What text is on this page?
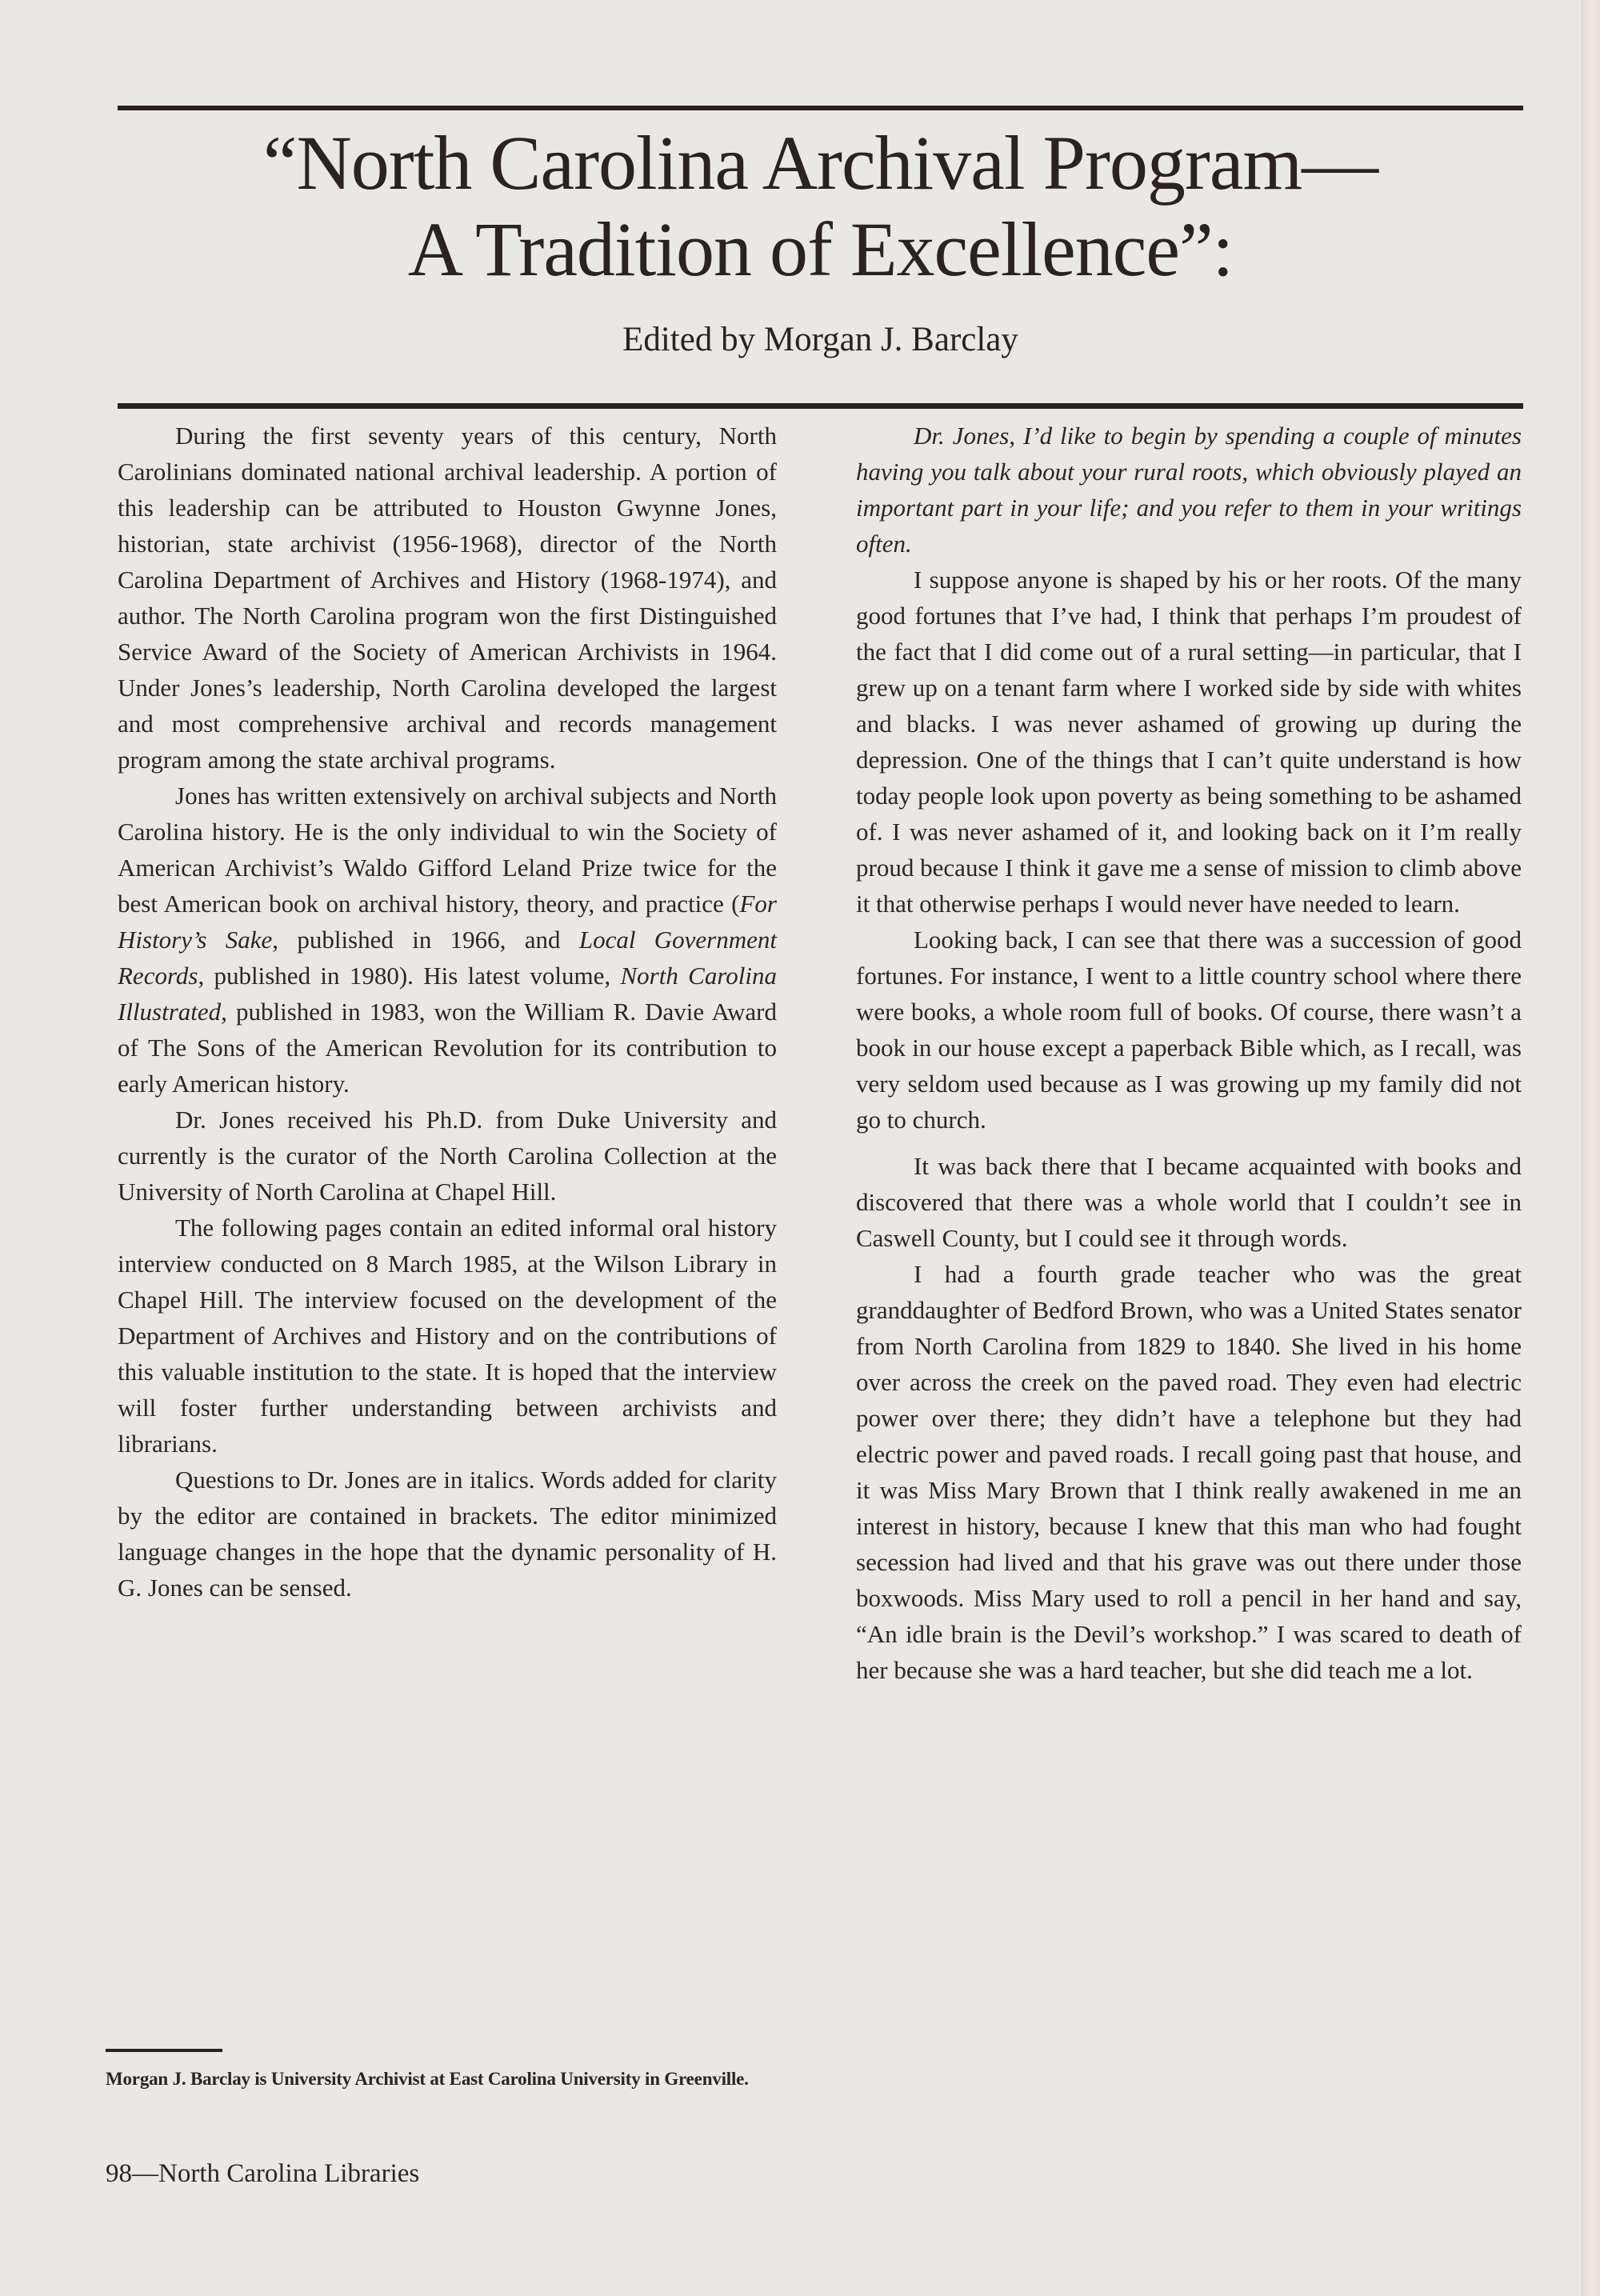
“North Carolina Archival Program—
A Tradition of Excellence”:
Edited by Morgan J. Barclay

During the first seventy years of this century, North Carolinians dominated national archival leadership. A portion of this leadership can be attributed to Houston Gwynne Jones, historian, state archivist (1956-1968), director of the North Carolina Department of Archives and History (1968-1974), and author. The North Carolina program won the first Distinguished Service Award of the Society of American Archivists in 1964. Under Jones’s leadership, North Carolina developed the largest and most comprehensive archival and records management program among the state archival programs.

Jones has written extensively on archival subjects and North Carolina history. He is the only individual to win the Society of American Archivist’s Waldo Gifford Leland Prize twice for the best American book on archival history, theory, and practice (For History’s Sake, published in 1966, and Local Government Records, published in 1980). His latest volume, North Carolina Illustrated, published in 1983, won the William R. Davie Award of The Sons of the American Revolution for its contribution to early American history.

Dr. Jones received his Ph.D. from Duke University and currently is the curator of the North Carolina Collection at the University of North Carolina at Chapel Hill.

The following pages contain an edited informal oral history interview conducted on 8 March 1985, at the Wilson Library in Chapel Hill. The interview focused on the development of the Department of Archives and History and on the contributions of this valuable institution to the state. It is hoped that the interview will foster further understanding between archivists and librarians.

Questions to Dr. Jones are in italics. Words added for clarity by the editor are contained in brackets. The editor minimized language changes in the hope that the dynamic personality of H. G. Jones can be sensed.

Dr. Jones, I’d like to begin by spending a couple of minutes having you talk about your rural roots, which obviously played an important part in your life; and you refer to them in your writings often.

I suppose anyone is shaped by his or her roots. Of the many good fortunes that I’ve had, I think that perhaps I’m proudest of the fact that I did come out of a rural setting—in particular, that I grew up on a tenant farm where I worked side by side with whites and blacks. I was never ashamed of growing up during the depression. One of the things that I can’t quite understand is how today people look upon poverty as being something to be ashamed of. I was never ashamed of it, and looking back on it I’m really proud because I think it gave me a sense of mission to climb above it that otherwise perhaps I would never have needed to learn.

Looking back, I can see that there was a succession of good fortunes. For instance, I went to a little country school where there were books, a whole room full of books. Of course, there wasn’t a book in our house except a paperback Bible which, as I recall, was very seldom used because as I was growing up my family did not go to church.

It was back there that I became acquainted with books and discovered that there was a whole world that I couldn’t see in Caswell County, but I could see it through words.

I had a fourth grade teacher who was the great granddaughter of Bedford Brown, who was a United States senator from North Carolina from 1829 to 1840. She lived in his home over across the creek on the paved road. They even had electric power over there; they didn’t have a telephone but they had electric power and paved roads. I recall going past that house, and it was Miss Mary Brown that I think really awakened in me an interest in history, because I knew that this man who had fought secession had lived and that his grave was out there under those boxwoods. Miss Mary used to roll a pencil in her hand and say, “An idle brain is the Devil’s workshop.” I was scared to death of her because she was a hard teacher, but she did teach me a lot.

Morgan J. Barclay is University Archivist at East Carolina University in Greenville.
98—North Carolina Libraries
